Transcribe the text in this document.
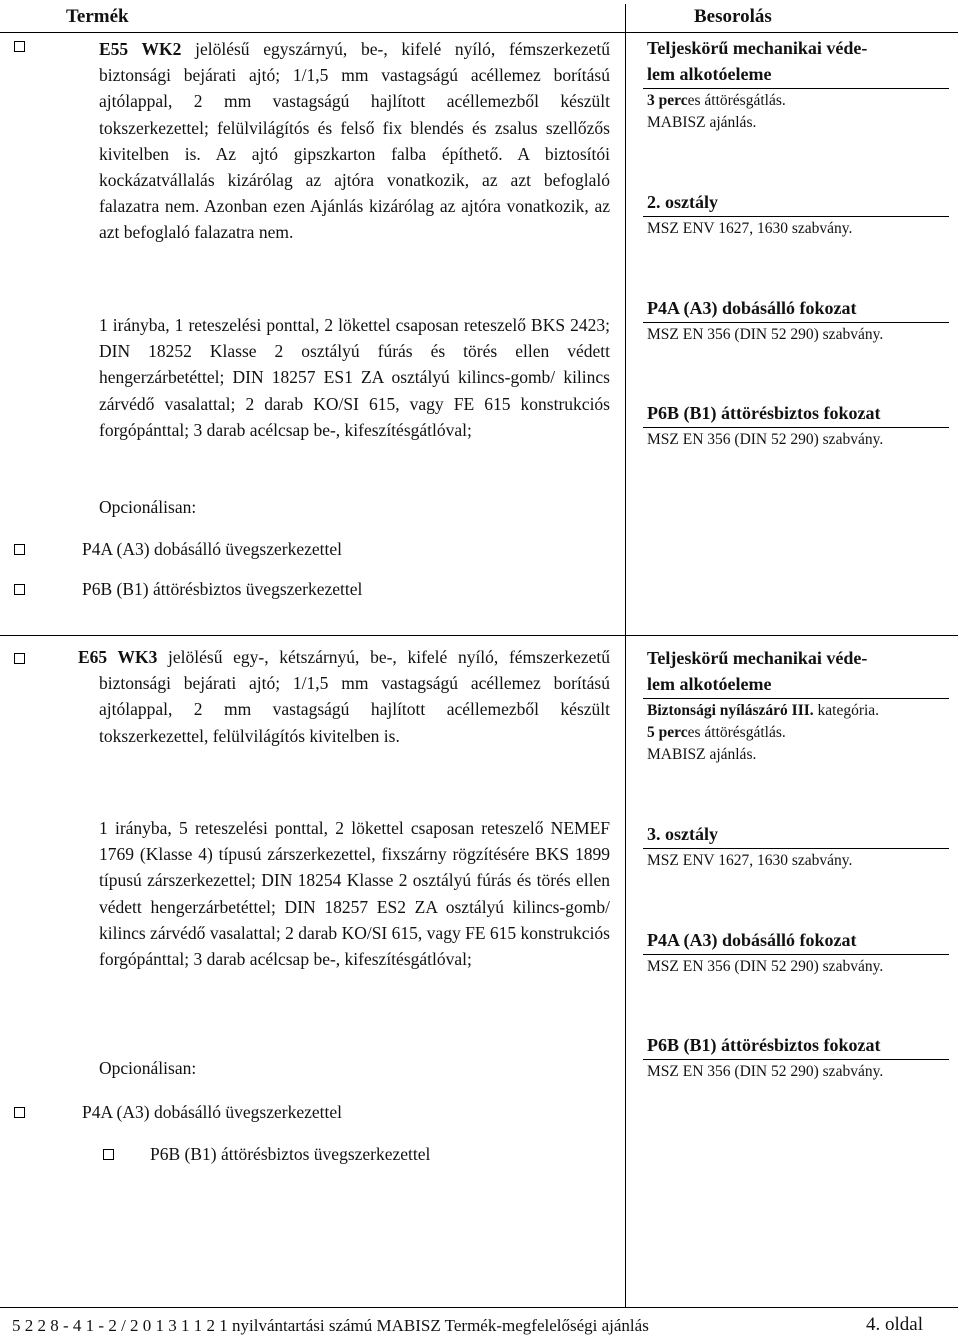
Termék	Besorolás
E55 WK2 jelölésű egyszárnyú, be-, kifelé nyíló, fémszerkezetű biztonsági bejárati ajtó; 1/1,5 mm vastagságú acéllemez borítású ajtólappal, 2 mm vastagságú hajlított acéllemezből készült tokszerkezettel; felülvilágítós és felső fix blendés és zsalus szellőzős kivitelben is. Az ajtó gipszkarton falba építhető. A biztosítói kockázatvállalás kizárólag az ajtóra vonatkozik, az azt befoglaló falazatra nem. Azonban ezen Ajánlás kizárólag az ajtóra vonatkozik, az azt befoglaló falazatra nem.
1 irányba, 1 reteszelési ponttal, 2 lökettel csaposan reteszelő BKS 2423; DIN 18252 Klasse 2 osztályú fúrás és törés ellen védett hengerzárbetéttel; DIN 18257 ES1 ZA osztályú kilincs-gomb/ kilincs zárvédő vasalattal; 2 darab KO/SI 615, vagy FE 615 konstrukciós forgópánttal; 3 darab acélcsap be-, kifeszítésgátlóval;
Opcionálisan:
P4A (A3) dobásálló üvegszerkezettel
P6B (B1) áttörésbiztos üvegszerkezettel
Teljeskörű mechanikai véde-
lem alkotóeleme
3 perces áttörésgátlás.
MABISZ ajánlás.
2. osztály
MSZ ENV 1627, 1630 szabvány.
P4A (A3) dobásálló fokozat
MSZ EN 356 (DIN 52 290) szabvány.
P6B (B1) áttörésbiztos fokozat
MSZ EN 356 (DIN 52 290) szabvány.
E65 WK3 jelölésű egy-, kétszárnyú, be-, kifelé nyíló, fémszerkezetű biztonsági bejárati ajtó; 1/1,5 mm vastagságú acéllemez borítású ajtólappal, 2 mm vastagságú hajlított acéllemezből készült tokszerkezettel, felülvilágítós kivitelben is.
1 irányba, 5 reteszelési ponttal, 2 lökettel csaposan reteszelő NEMEF 1769 (Klasse 4) típusú zárszerkezettel, fixszárny rögzítésére BKS 1899 típusú zárszerkezettel; DIN 18254 Klasse 2 osztályú fúrás és törés ellen védett hengerzárbetéttel; DIN 18257 ES2 ZA osztályú kilincs-gomb/ kilincs zárvédő vasalattal; 2 darab KO/SI 615, vagy FE 615 konstrukciós forgópánttal; 3 darab acélcsap be-, kifeszítésgátlóval;
Opcionálisan:
P4A (A3) dobásálló üvegszerkezettel
P6B (B1) áttörésbiztos üvegszerkezettel
Teljeskörű mechanikai véde-
lem alkotóeleme
Biztonsági nyílászáró III. kategória.
5 perces áttörésgátlás.
MABISZ ajánlás.
3. osztály
MSZ ENV 1627, 1630 szabvány.
P4A (A3) dobásálló fokozat
MSZ EN 356 (DIN 52 290) szabvány.
P6B (B1) áttörésbiztos fokozat
MSZ EN 356 (DIN 52 290) szabvány.
5 2 2 8 - 4 1 - 2 / 2 0 1 3 1 1 2 1 nyilvántartási számú MABISZ Termék-megfelelőségi ajánlás	4. oldal
